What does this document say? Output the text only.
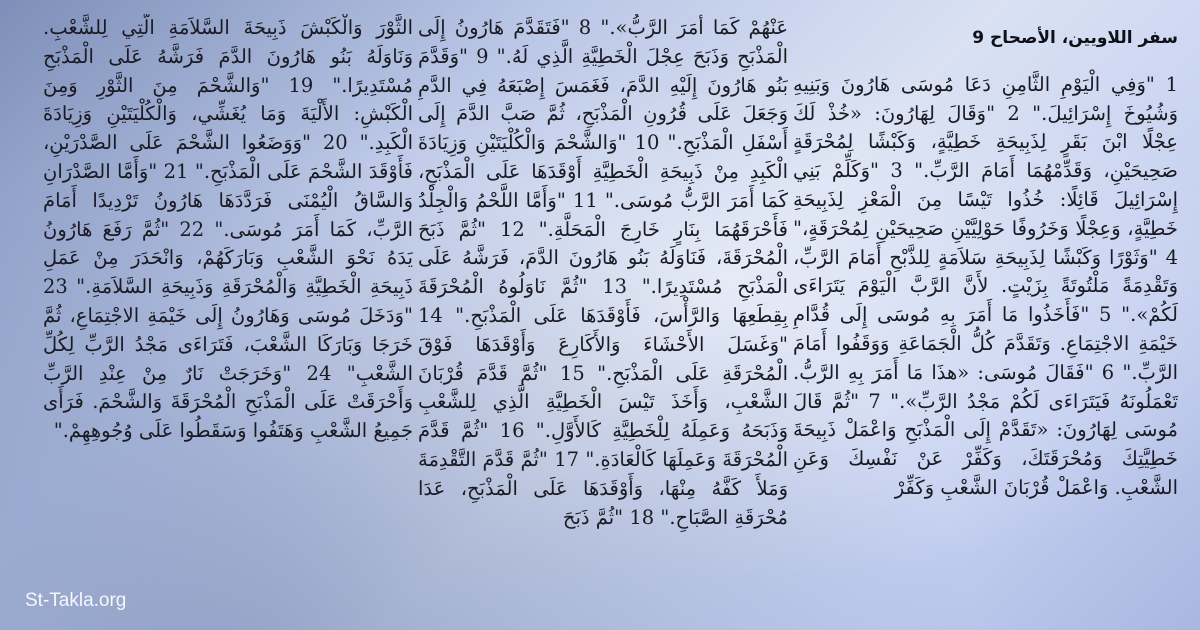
سفر اللاويين، الأصحاح 9

1 "وَفِي الْيَوْمِ الثَّامِنِ دَعَا مُوسَى هَارُونَ وَبَنِيهِ وَشُيُوخَ إِسْرَائِيلَ." 2 "وَقَالَ لِهَارُونَ: «خُذْ لَكَ عِجْلًا ابْنَ بَقَرٍ لِذَبِيحَةِ خَطِيَّةٍ، وَكَبْشًا لِمُحْرَقَةٍ صَحِيحَيْنِ، وَقَدِّمْهُمَا أَمَامَ الرَّبِّ." 3 "وَكَلِّمْ بَنِي إِسْرَائِيلَ قَائِلًا: خُذُوا تَيْسًا مِنَ الْمَعْزِ لِذَبِيحَةِ خَطِيَّةٍ، وَعِجْلًا وَخَرُوفًا حَوْلِيَّيْنِ صَحِيحَيْنِ لِمُحْرَقَةٍ،" 4 "وَثَوْرًا وَكَبْشًا لِذَبِيحَةِ سَلاَمَةٍ لِلذَّبْحِ أَمَامَ الرَّبِّ، وَتَقْدِمَةً مَلْتُوتَةً بِزَيْتٍ. لأَنَّ الرَّبَّ الْيَوْمَ يَتَرَاءَى لَكُمْ»." 5 "فَأَخَذُوا مَا أَمَرَ بِهِ مُوسَى إِلَى قُدَّامِ خَيْمَةِ الاجْتِمَاعِ. وَتَقَدَّمَ كُلُّ الْجَمَاعَةِ وَوَقَفُوا أَمَامَ الرَّبِّ." 6 "فَقَالَ مُوسَى: «هذَا مَا أَمَرَ بِهِ الرَّبُّ. تَعْمَلُونَهُ فَيَتَرَاءَى لَكُمْ مَجْدُ الرَّبِّ»." 7 "ثُمَّ قَالَ مُوسَى لِهَارُونَ: «تَقَدَّمْ إِلَى الْمَذْبَحِ وَاعْمَلْ ذَبِيحَةَ خَطِيَّتِكَ وَمُحْرَقَتَكَ، وَكَفِّرْ عَنْ نَفْسِكَ وَعَنِ الشَّعْبِ. وَاعْمَلْ قُرْبَانَ الشَّعْبِ وَكَفِّرْ

عَنْهُمْ كَمَا أَمَرَ الرَّبُّ»." 8 "فَتَقَدَّمَ هَارُونُ إِلَى الْمَذْبَحِ وَذَبَحَ عِجْلَ الْخَطِيَّةِ الَّذِي لَهُ." 9 "وَقَدَّمَ بَنُو هَارُونَ إِلَيْهِ الدَّمَ، فَغَمَسَ إِصْبَعَهُ فِي الدَّمِ وَجَعَلَ عَلَى قُرُونِ الْمَذْبَحِ، ثُمَّ صَبَّ الدَّمَ إِلَى أَسْفَلِ الْمَذْبَحِ." 10 "وَالشَّحْمَ وَالْكُلْيَتَيْنِ وَزِيَادَةَ الْكَبِدِ مِنْ ذَبِيحَةِ الْخَطِيَّةِ أَوْقَدَهَا عَلَى الْمَذْبَحِ، كَمَا أَمَرَ الرَّبُّ مُوسَى." 11 "وَأَمَّا اللَّحْمُ وَالْجِلْدُ فَأَحْرَقَهُمَا بِنَارٍ خَارِجَ الْمَحَلَّةِ." 12 "ثُمَّ ذَبَحَ الْمُحْرَقَةَ، فَنَاوَلَهُ بَنُو هَارُونَ الدَّمَ، فَرَشَّهُ عَلَى الْمَذْبَحِ مُسْتَدِيرًا." 13 "ثُمَّ نَاوَلُوهُ الْمُحْرَقَةَ بِقِطَعِهَا وَالرَّأْسَ، فَأَوْقَدَهَا عَلَى الْمَذْبَحِ." 14 "وَغَسَلَ الأَحْشَاءَ وَالأَكَارِعَ وَأَوْقَدَهَا فَوْقَ الْمُحْرَقَةِ عَلَى الْمَذْبَحِ." 15 "ثُمَّ قَدَّمَ قُرْبَانَ الشَّعْبِ، وَأَخَذَ تَيْسَ الْخَطِيَّةِ الَّذِي لِلشَّعْبِ وَذَبَحَهُ وَعَمِلَهُ لِلْخَطِيَّةِ كَالأَوَّلِ." 16 "ثُمَّ قَدَّمَ الْمُحْرَقَةَ وَعَمِلَهَا كَالْعَادَةِ." 17 "ثُمَّ قَدَّمَ التَّقْدِمَةَ وَمَلأَ كَفَّهُ مِنْهَا، وَأَوْقَدَهَا عَلَى الْمَذْبَحِ، عَدَا مُحْرَقَةِ الصَّبَاحِ." 18 "ثُمَّ ذَبَحَ

الثَّوْرَ وَالْكَبْشَ ذَبِيحَةَ السَّلاَمَةِ الَّتِي لِلشَّعْبِ. وَنَاوَلَهُ بَنُو هَارُونَ الدَّمَ فَرَشَّهُ عَلَى الْمَذْبَحِ مُسْتَدِيرًا." 19 "وَالشَّحْمَ مِنَ الثَّوْرِ وَمِنَ الْكَبْشِ: الأَلْيَةَ وَمَا يُغَشِّي، وَالْكُلْيَتَيْنِ وَزِيَادَةَ الْكَبِدِ." 20 "وَوَضَعُوا الشَّحْمَ عَلَى الصَّدْرَيْنِ، فَأَوْقَدَ الشَّحْمَ عَلَى الْمَذْبَحِ." 21 "وَأَمَّا الصَّدْرَانِ وَالسَّاقُ الْيُمْنَى فَرَدَّدَهَا هَارُونُ تَرْدِيدًا أَمَامَ الرَّبِّ، كَمَا أَمَرَ مُوسَى." 22 "ثُمَّ رَفَعَ هَارُونُ يَدَهُ نَحْوَ الشَّعْبِ وَبَارَكَهُمْ، وَانْحَدَرَ مِنْ عَمَلِ ذَبِيحَةِ الْخَطِيَّةِ وَالْمُحْرَقَةِ وَذَبِيحَةِ السَّلاَمَةِ." 23 "وَدَخَلَ مُوسَى وَهَارُونُ إِلَى خَيْمَةِ الاجْتِمَاعِ، ثُمَّ خَرَجَا وَبَارَكَا الشَّعْبَ، فَتَرَاءَى مَجْدُ الرَّبِّ لِكُلِّ الشَّعْبِ" 24 "وَخَرَجَتْ نَارٌ مِنْ عِنْدِ الرَّبِّ وَأَحْرَقَتْ عَلَى الْمَذْبَحِ الْمُحْرَقَةَ وَالشَّحْمَ. فَرَأَى جَمِيعُ الشَّعْبِ وَهَتَفُوا وَسَقَطُوا عَلَى وُجُوهِهِمْ."

St-Takla.org
